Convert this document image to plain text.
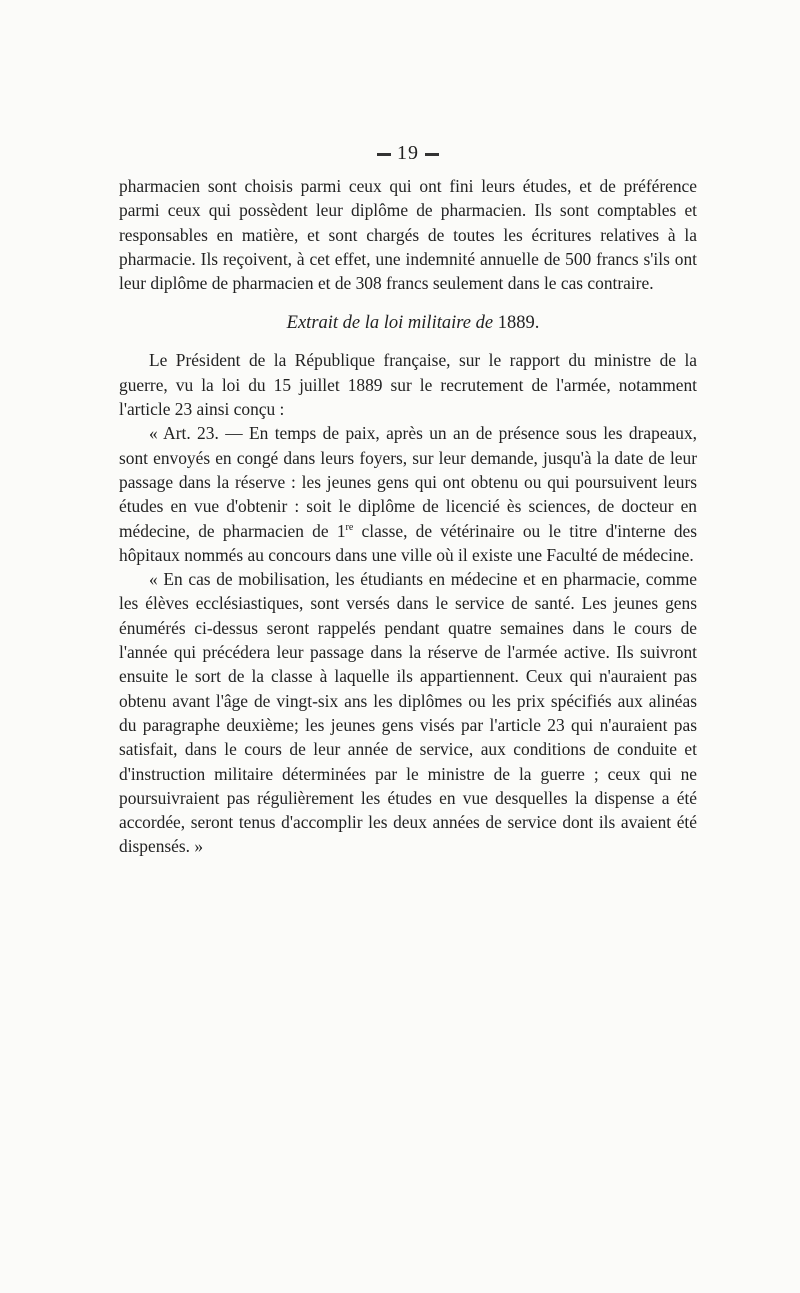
19

pharmacien sont choisis parmi ceux qui ont fini leurs études, et de préférence parmi ceux qui possèdent leur diplôme de pharmacien. Ils sont comptables et responsables en matière, et sont chargés de toutes les écritures relatives à la pharmacie. Ils reçoivent, à cet effet, une indemnité annuelle de 500 francs s'ils ont leur diplôme de pharmacien et de 308 francs seulement dans le cas contraire.

Extrait de la loi militaire de 1889.

Le Président de la République française, sur le rapport du ministre de la guerre, vu la loi du 15 juillet 1889 sur le recrutement de l'armée, notamment l'article 23 ainsi conçu :

« Art. 23. — En temps de paix, après un an de présence sous les drapeaux, sont envoyés en congé dans leurs foyers, sur leur demande, jusqu'à la date de leur passage dans la réserve : les jeunes gens qui ont obtenu ou qui poursuivent leurs études en vue d'obtenir : soit le diplôme de licencié ès sciences, de docteur en médecine, de pharmacien de 1re classe, de vétérinaire ou le titre d'interne des hôpitaux nommés au concours dans une ville où il existe une Faculté de médecine.

« En cas de mobilisation, les étudiants en médecine et en pharmacie, comme les élèves ecclésiastiques, sont versés dans le service de santé. Les jeunes gens énumérés ci-dessus seront rappelés pendant quatre semaines dans le cours de l'année qui précédera leur passage dans la réserve de l'armée active. Ils suivront ensuite le sort de la classe à laquelle ils appartiennent. Ceux qui n'auraient pas obtenu avant l'âge de vingt-six ans les diplômes ou les prix spécifiés aux alinéas du paragraphe deuxième; les jeunes gens visés par l'article 23 qui n'auraient pas satisfait, dans le cours de leur année de service, aux conditions de conduite et d'instruction militaire déterminées par le ministre de la guerre ; ceux qui ne poursuivraient pas régulièrement les études en vue desquelles la dispense a été accordée, seront tenus d'accomplir les deux années de service dont ils avaient été dispensés. »
